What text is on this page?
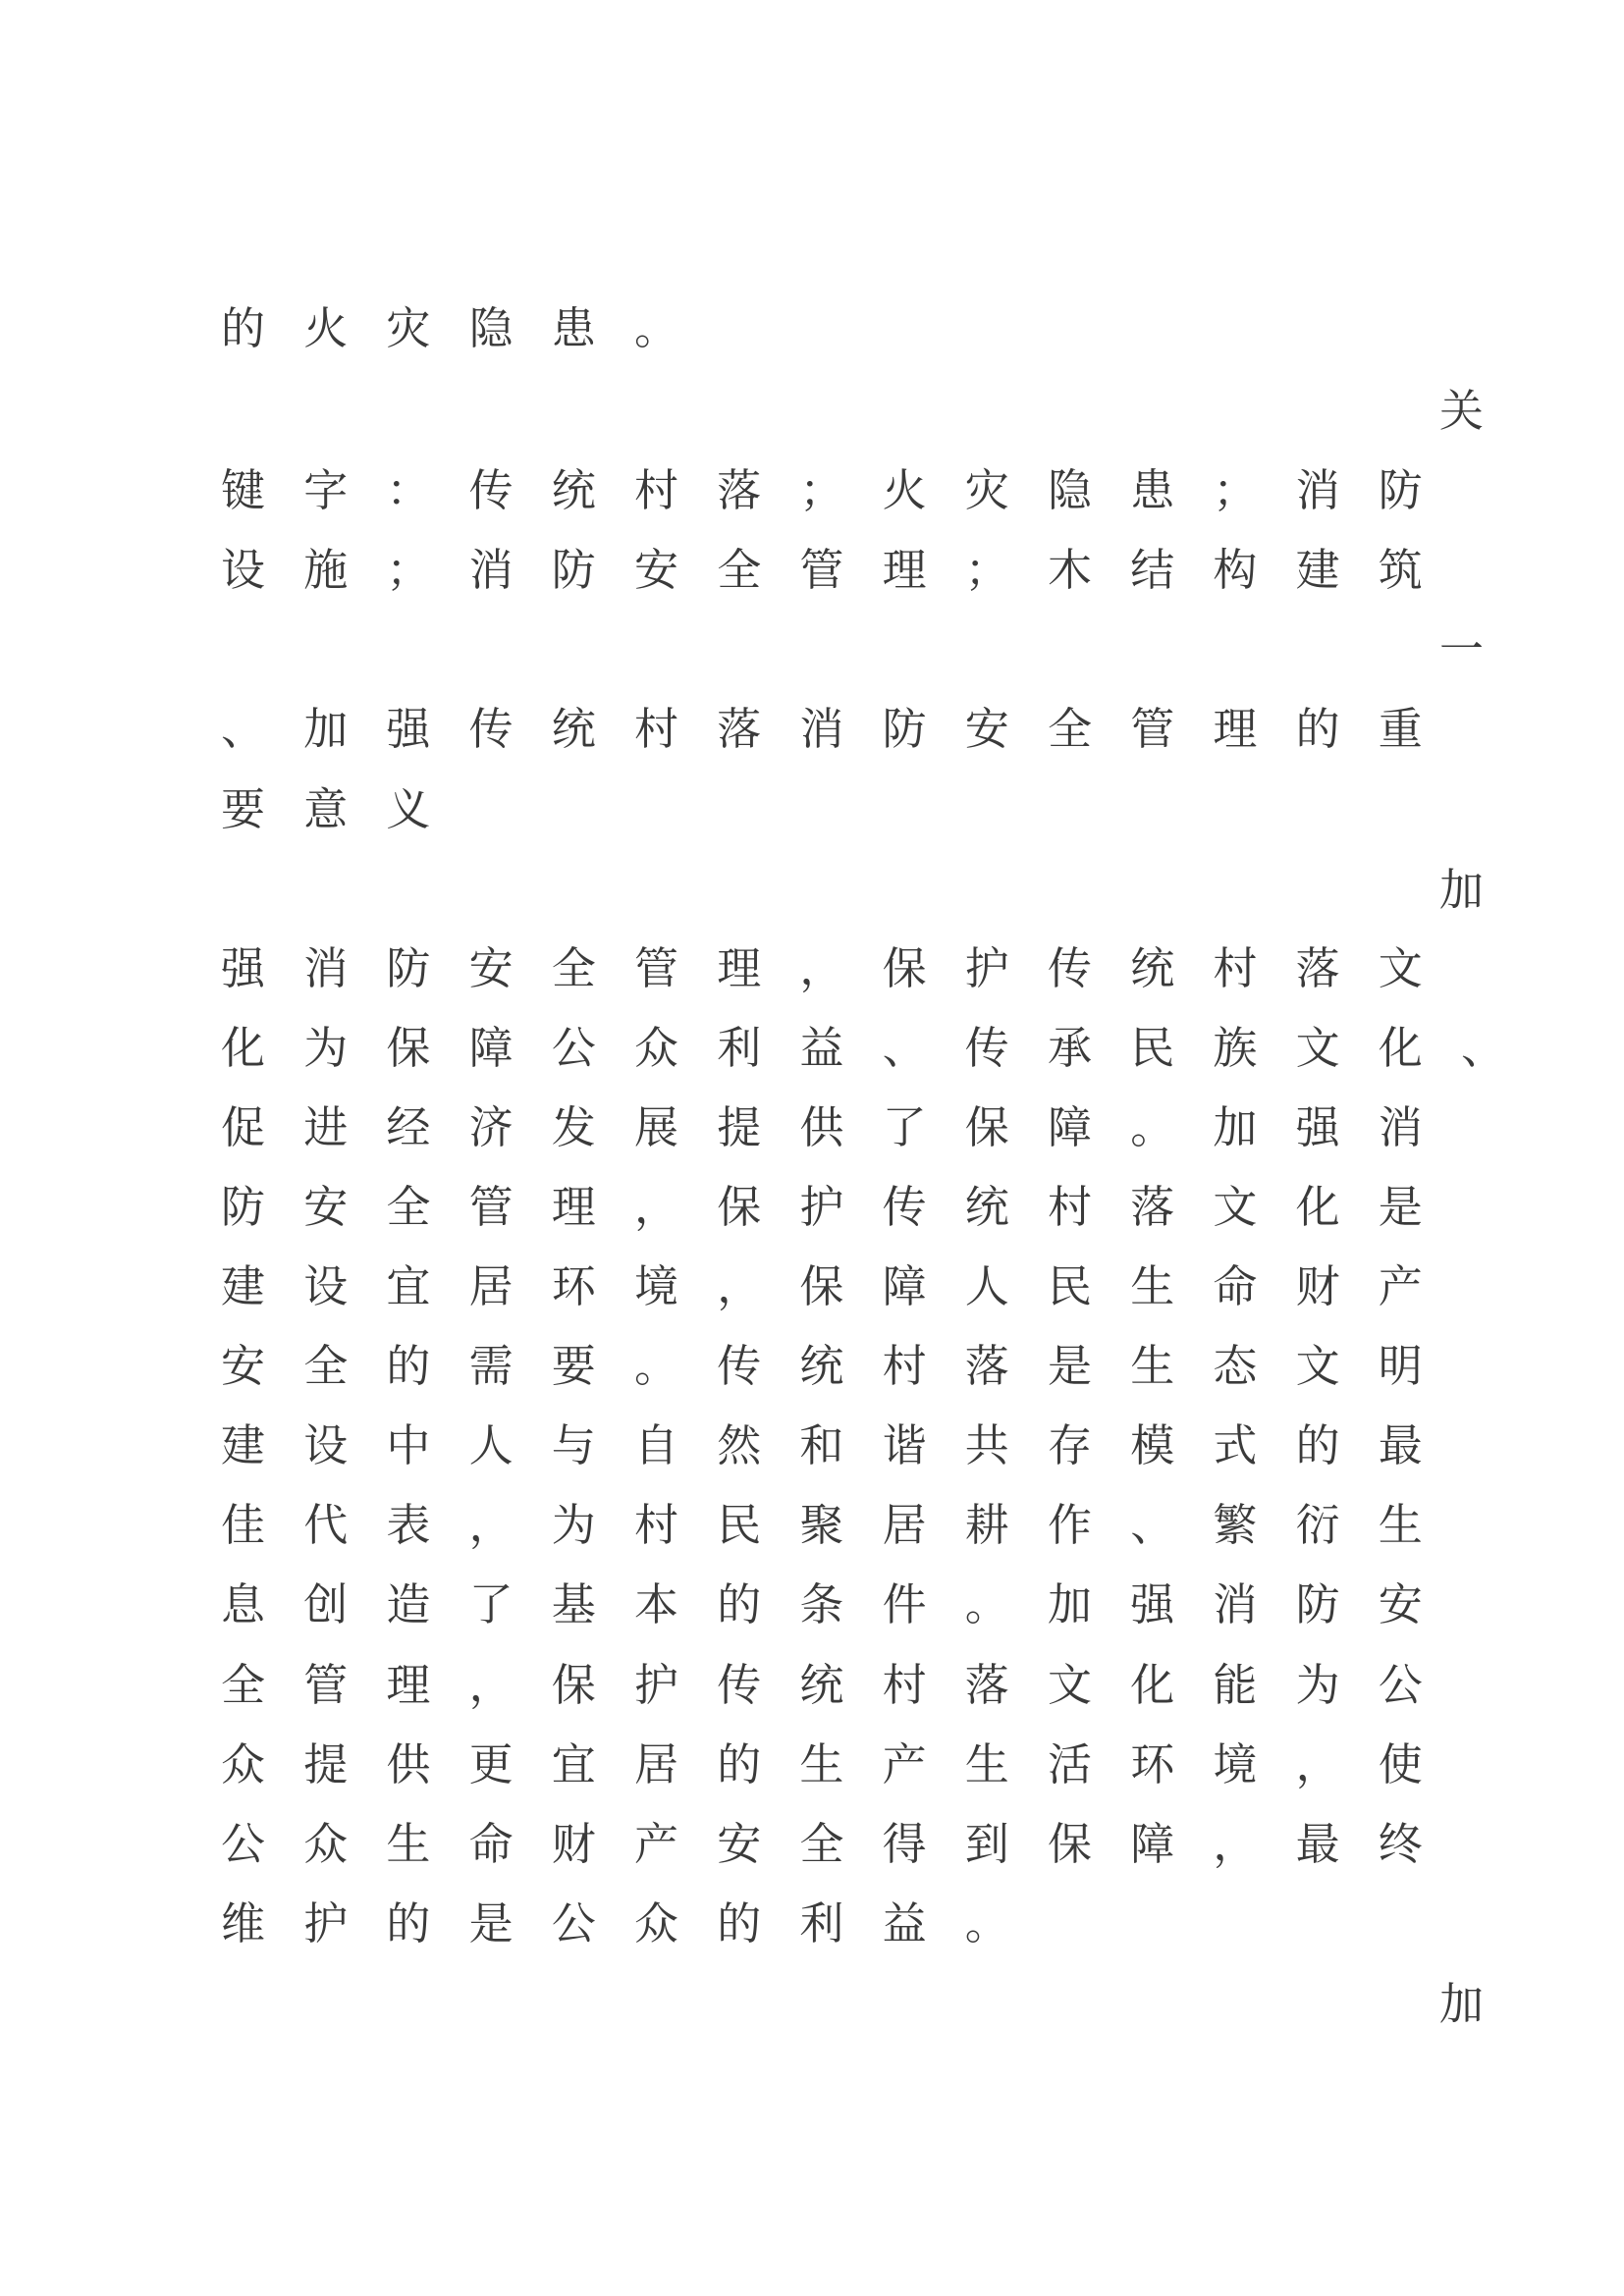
的火灾隐患。
关
键字：传统村落；火灾隐患；消防
设施；消防安全管理；木结构建筑
一
、加强传统村落消防安全管理的重
要意义
加
强消防安全管理，保护传统村落文
化为保障公众利益、传承民族文化、
促进经济发展提供了保障。加强消
防安全管理，保护传统村落文化是
建设宜居环境，保障人民生命财产
安全的需要。传统村落是生态文明
建设中人与自然和谐共存模式的最
佳代表，为村民聚居耕作、繁衍生
息创造了基本的条件。加强消防安
全管理，保护传统村落文化能为公
众提供更宜居的生产生活环境，使
公众生命财产安全得到保障，最终
维护的是公众的利益。
加
